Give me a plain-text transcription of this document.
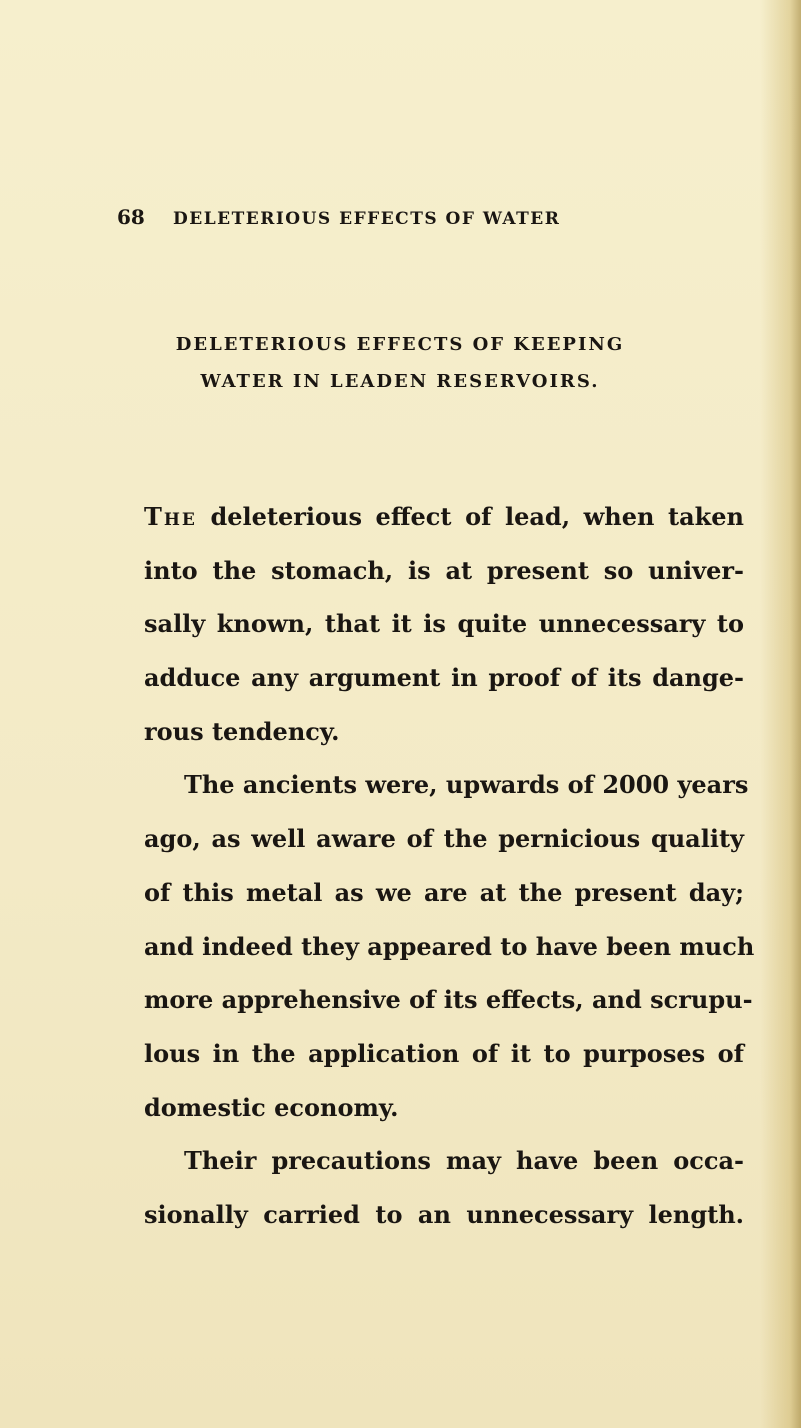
68 DELETERIOUS EFFECTS OF WATER
DELETERIOUS EFFECTS OF KEEPING
WATER IN LEADEN RESERVOIRS.
The deleterious effect of lead, when taken
into the stomach, is at present so univer-
sally known, that it is quite unnecessary to
adduce any argument in proof of its dange-
rous tendency.
The ancients were, upwards of 2000 years
ago, as well aware of the pernicious quality
of this metal as we are at the present day;
and indeed they appeared to have been much
more apprehensive of its effects, and scrupu-
lous in the application of it to purposes of
domestic economy.
Their precautions may have been occa-
sionally carried to an unnecessary length.
